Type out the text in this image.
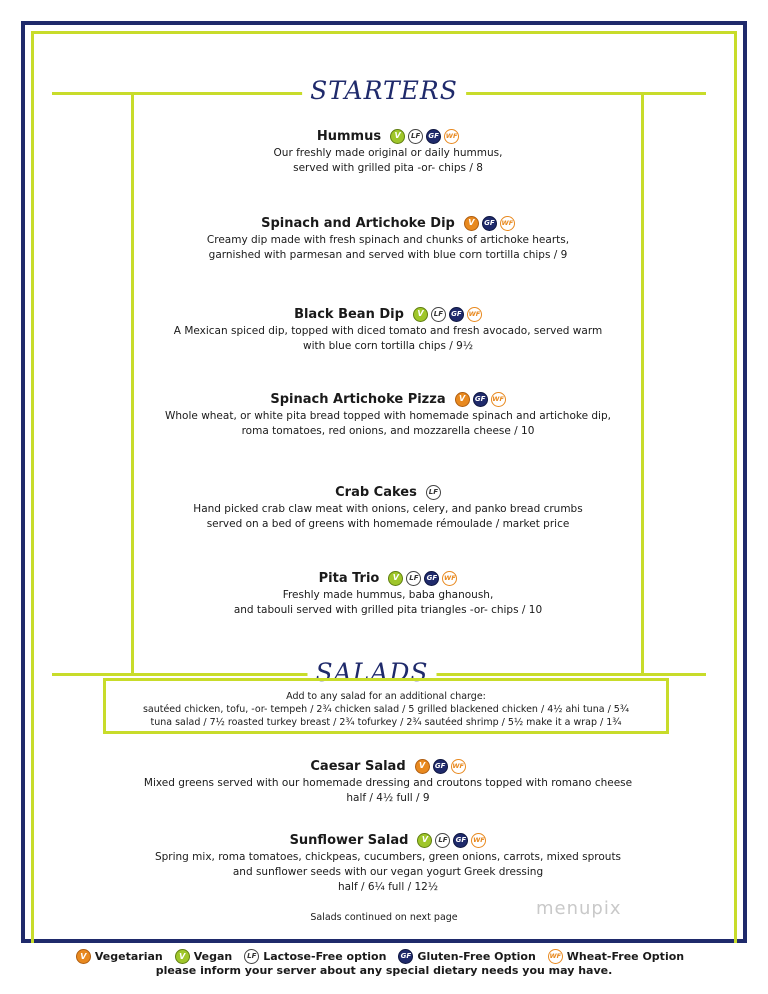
STARTERS
SALADS
Hummus	V	LF	GF	WF
Our freshly made original or daily hummus,
served with grilled pita -or- chips / 8
Spinach and Artichoke Dip	V	GF	WF
Creamy dip made with fresh spinach and chunks of artichoke hearts,
garnished with parmesan and served with blue corn tortilla chips / 9
Black Bean Dip	V	LF	GF	WF
A Mexican spiced dip, topped with diced tomato and fresh avocado, served warm
with blue corn tortilla chips / 9½
Spinach Artichoke Pizza	V	GF	WF
Whole wheat, or white pita bread topped with homemade spinach and artichoke dip,
roma tomatoes, red onions, and mozzarella cheese / 10
Crab Cakes	LF
Hand picked crab claw meat with onions, celery, and panko bread crumbs
served on a bed of greens with homemade rémoulade / market price
Pita Trio	V	LF	GF	WF
Freshly made hummus, baba ghanoush,
and tabouli served with grilled pita triangles -or- chips / 10
Add to any salad for an additional charge:
sautéed chicken, tofu, -or- tempeh / 2¾ chicken salad / 5 grilled blackened chicken / 4½ ahi tuna / 5¾
tuna salad / 7½ roasted turkey breast / 2¾ tofurkey / 2¾ sautéed shrimp / 5½ make it a wrap / 1¾
Caesar Salad	V	GF	WF
Mixed greens served with our homemade dressing and croutons topped with romano cheese
half / 4½ full / 9
Sunflower Salad	V	LF	GF	WF
Spring mix, roma tomatoes, chickpeas, cucumbers, green onions, carrots, mixed sprouts
and sunflower seeds with our vegan yogurt Greek dressing
half / 6¼ full / 12½
Salads continued on next page	menupix
V Vegetarian	V Vegan	LF Lactose-Free option	GF Gluten-Free Option WF Wheat-Free Option
please inform your server about any special dietary needs you may have.
